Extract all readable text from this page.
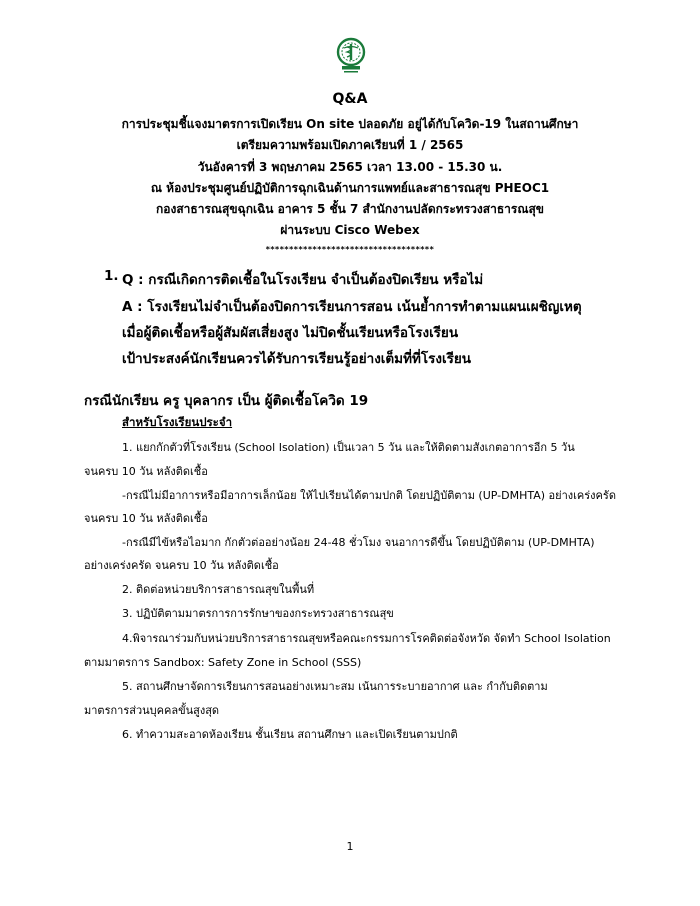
Q&A
การประชุมชี้แจงมาตรการเปิดเรียน On site ปลอดภัย อยู่ได้กับโควิด-19 ในสถานศึกษา
เตรียมความพร้อมเปิดภาคเรียนที่ 1 / 2565
วันอังคารที่ 3 พฤษภาคม 2565 เวลา 13.00 - 15.30 น.
ณ ห้องประชุมศูนย์ปฏิบัติการฉุกเฉินด้านการแพทย์และสาธารณสุข PHEOC1
กองสาธารณสุขฉุกเฉิน อาคาร 5 ชั้น 7 สำนักงานปลัดกระทรวงสาธารณสุข
ผ่านระบบ Cisco Webex
************************************
1. Q : กรณีเกิดการติดเชื้อในโรงเรียน จำเป็นต้องปิดเรียน หรือไม่
A : โรงเรียนไม่จำเป็นต้องปิดการเรียนการสอน เน้นย้ำการทำตามแผนเผชิญเหตุ
เมื่อผู้ติดเชื้อหรือผู้สัมผัสเสี่ยงสูง ไม่ปิดชั้นเรียนหรือโรงเรียน
เป้าประสงค์นักเรียนควรได้รับการเรียนรู้อย่างเต็มที่ที่โรงเรียน
กรณีนักเรียน ครู บุคลากร เป็น ผู้ติดเชื้อโควิด 19
สำหรับโรงเรียนประจำ
1. แยกกักตัวที่โรงเรียน (School Isolation) เป็นเวลา 5 วัน และให้ติดตามสังเกตอาการอีก 5 วัน
จนครบ 10 วัน หลังติดเชื้อ
-กรณีไม่มีอาการหรือมีอาการเล็กน้อย ให้ไปเรียนได้ตามปกติ โดยปฏิบัติตาม (UP-DMHTA) อย่างเคร่งครัด
จนครบ 10 วัน หลังติดเชื้อ
-กรณีมีไข้หรือไอมาก กักตัวต่ออย่างน้อย 24-48 ชั่วโมง จนอาการดีขึ้น โดยปฏิบัติตาม (UP-DMHTA)
อย่างเคร่งครัด จนครบ 10 วัน หลังติดเชื้อ
2. ติดต่อหน่วยบริการสาธารณสุขในพื้นที่
3. ปฏิบัติตามมาตรการการรักษาของกระทรวงสาธารณสุข
4.พิจารณาร่วมกับหน่วยบริการสาธารณสุขหรือคณะกรรมการโรคติดต่อจังหวัด จัดทำ School Isolation
ตามมาตรการ Sandbox: Safety Zone in School (SSS)
5. สถานศึกษาจัดการเรียนการสอนอย่างเหมาะสม เน้นการระบายอากาศ และ กำกับติดตาม
มาตรการส่วนบุคคลขั้นสูงสุด
6. ทำความสะอาดห้องเรียน ชั้นเรียน สถานศึกษา และเปิดเรียนตามปกติ
1
